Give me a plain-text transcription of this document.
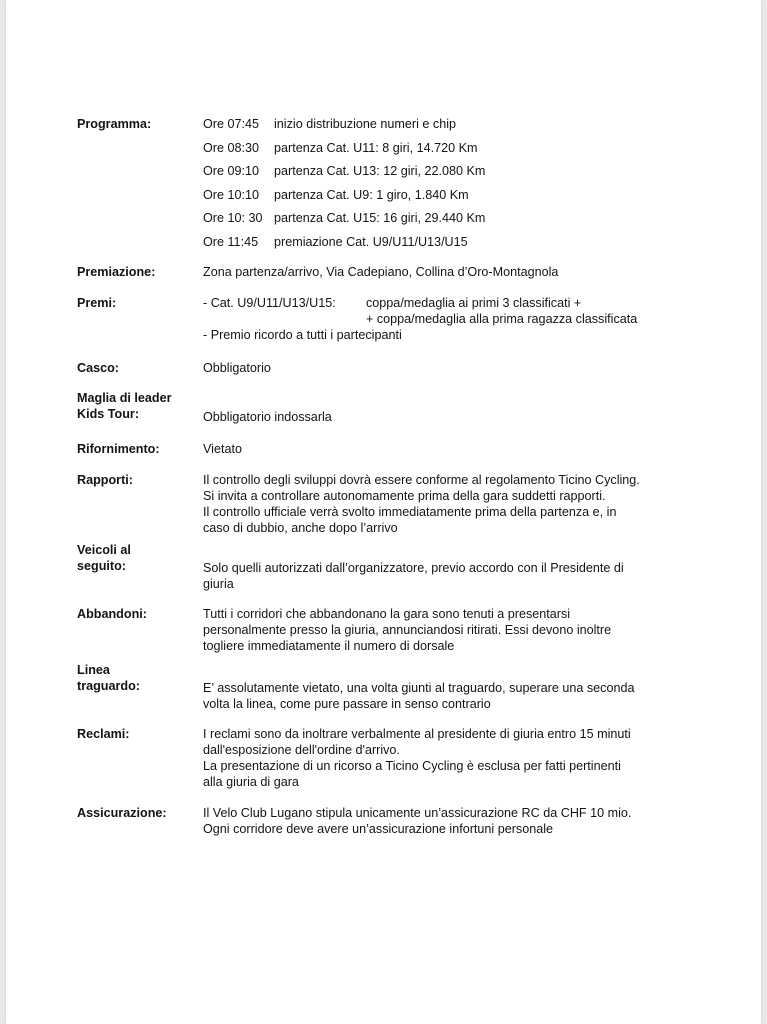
Programma:	Ore 07:45 inizio distribuzione numeri e chip
Ore 08:30 partenza Cat. U11: 8 giri, 14.720 Km
Ore 09:10 partenza Cat. U13: 12 giri, 22.080 Km
Ore 10:10 partenza Cat. U9: 1 giro, 1.840 Km
Ore 10: 30 partenza Cat. U15: 16 giri, 29.440 Km
Ore 11:45 premiazione Cat. U9/U11/U13/U15
Premiazione:	Zona partenza/arrivo, Via Cadepiano, Collina d’Oro-Montagnola
Premi:	- Cat. U9/U11/U13/U15: coppa/medaglia ai primi 3 classificati +
+ coppa/medaglia alla prima ragazza classificata
- Premio ricordo a tutti i partecipanti
Casco:	Obbligatorio
Maglia di leader
Kids Tour:	Obbligatorio indossarla
Rifornimento:	Vietato
Rapporti:	Il controllo degli sviluppi dovrà essere conforme al regolamento Ticino Cycling.
Si invita a controllare autonomamente prima della gara suddetti rapporti.
Il controllo ufficiale verrà svolto immediatamente prima della partenza e, in
caso di dubbio, anche dopo l’arrivo
Veicoli al
seguito:	Solo quelli autorizzati dall’organizzatore, previo accordo con il Presidente di
giuria
Abbandoni:	Tutti i corridori che abbandonano la gara sono tenuti a presentarsi
personalmente presso la giuria, annunciandosi ritirati. Essi devono inoltre
togliere immediatamente il numero di dorsale
Linea
traguardo:	E’ assolutamente vietato, una volta giunti al traguardo, superare una seconda
volta la linea, come pure passare in senso contrario
Reclami:	I reclami sono da inoltrare verbalmente al presidente di giuria entro 15 minuti
dall'esposizione dell'ordine d'arrivo.
La presentazione di un ricorso a Ticino Cycling è esclusa per fatti pertinenti
alla giuria di gara
Assicurazione:	Il Velo Club Lugano stipula unicamente un’assicurazione RC da CHF 10 mio.
Ogni corridore deve avere un’assicurazione infortuni personale
